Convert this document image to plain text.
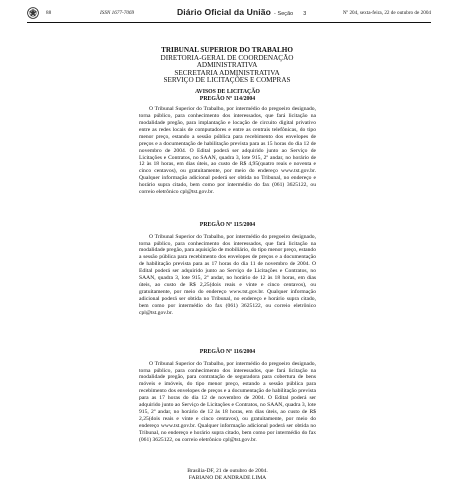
88	ISSN 1677-7069	Diário Oficial da União - Seção 3	Nº 204, sexta-feira, 22 de outubro de 2004
TRIBUNAL SUPERIOR DO TRABALHO
DIRETORIA-GERAL DE COORDENAÇÃO
ADMINISTRATIVA
SECRETARIA ADMINISTRATIVA
SERVIÇO DE LICITAÇÕES E COMPRAS
AVISOS DE LICITAÇÃO
PREGÃO Nº 114/2004

O Tribunal Superior do Trabalho, por intermédio do pregoeiro designado, torna público, para conhecimento dos interessados, que fará licitação na modalidade pregão, para implantação e locação de circuito digital privativo entre as redes locais de computadores e entre as centrais telefônicas, do tipo menor preço, estando a sessão pública para recebimento dos envelopes de preços e a documentação de habilitação prevista para as 15 horas do dia 12 de novembro de 2004. O Edital poderá ser adquirido junto ao Serviço de Licitações e Contratos, no SAAN, quadra 3, lote 915, 2º andar, no horário de 12 às 18 horas, em dias úteis, ao custo de R$ 4,95(quatro reais e noventa e cinco centavos), ou gratuitamente, por meio do endereço www.tst.gov.br. Qualquer informação adicional poderá ser obtida no Tribunal, no endereço e horário supra citado, bem como por intermédio do fax (061) 3625122, ou correio eletrônico cpl@tst.gov.br.

PREGÃO Nº 115/2004

O Tribunal Superior do Trabalho, por intermédio do pregoeiro designado, torna público, para conhecimento dos interessados, que fará licitação na modalidade pregão, para aquisição de mobiliário, do tipo menor preço, estando a sessão pública para recebimento dos envelopes de preços e a documentação de habilitação prevista para as 17 horas do dia 11 de novembro de 2004. O Edital poderá ser adquirido junto ao Serviço de Licitações e Contratos, no SAAN, quadra 3, lote 915, 2º andar, no horário de 12 às 18 horas, em dias úteis, ao custo de R$ 2,25(dois reais e vinte e cinco centavos), ou gratuitamente, por meio do endereço www.tst.gov.br. Qualquer informação adicional poderá ser obtida no Tribunal, no endereço e horário supra citado, bem como por intermédio do fax (061) 3625122, ou correio eletrônico cpl@tst.gov.br.

PREGÃO Nº 116/2004

O Tribunal Superior do Trabalho, por intermédio do pregoeiro designado, torna público, para conhecimento dos interessados, que fará licitação na modalidade pregão, para contratação de seguradora para cobertura de bens móveis e imóveis, do tipo menor preço, estando a sessão pública para recebimento dos envelopes de preços e a documentação de habilitação prevista para as 17 horas do dia 12 de novembro de 2004. O Edital poderá ser adquirido junto ao Serviço de Licitações e Contratos, no SAAN, quadra 3, lote 915, 2º andar, no horário de 12 às 18 horas, em dias úteis, ao custo de R$ 2,25(dois reais e vinte e cinco centavos), ou gratuitamente, por meio do endereço www.tst.gov.br. Qualquer informação adicional poderá ser obtida no Tribunal, no endereço e horário supra citado, bem como por intermédio do fax (061) 3625122, ou correio eletrônico cpl@tst.gov.br.

Brasília-DF, 21 de outubro de 2004.
FABIANO DE ANDRADE LIMA
